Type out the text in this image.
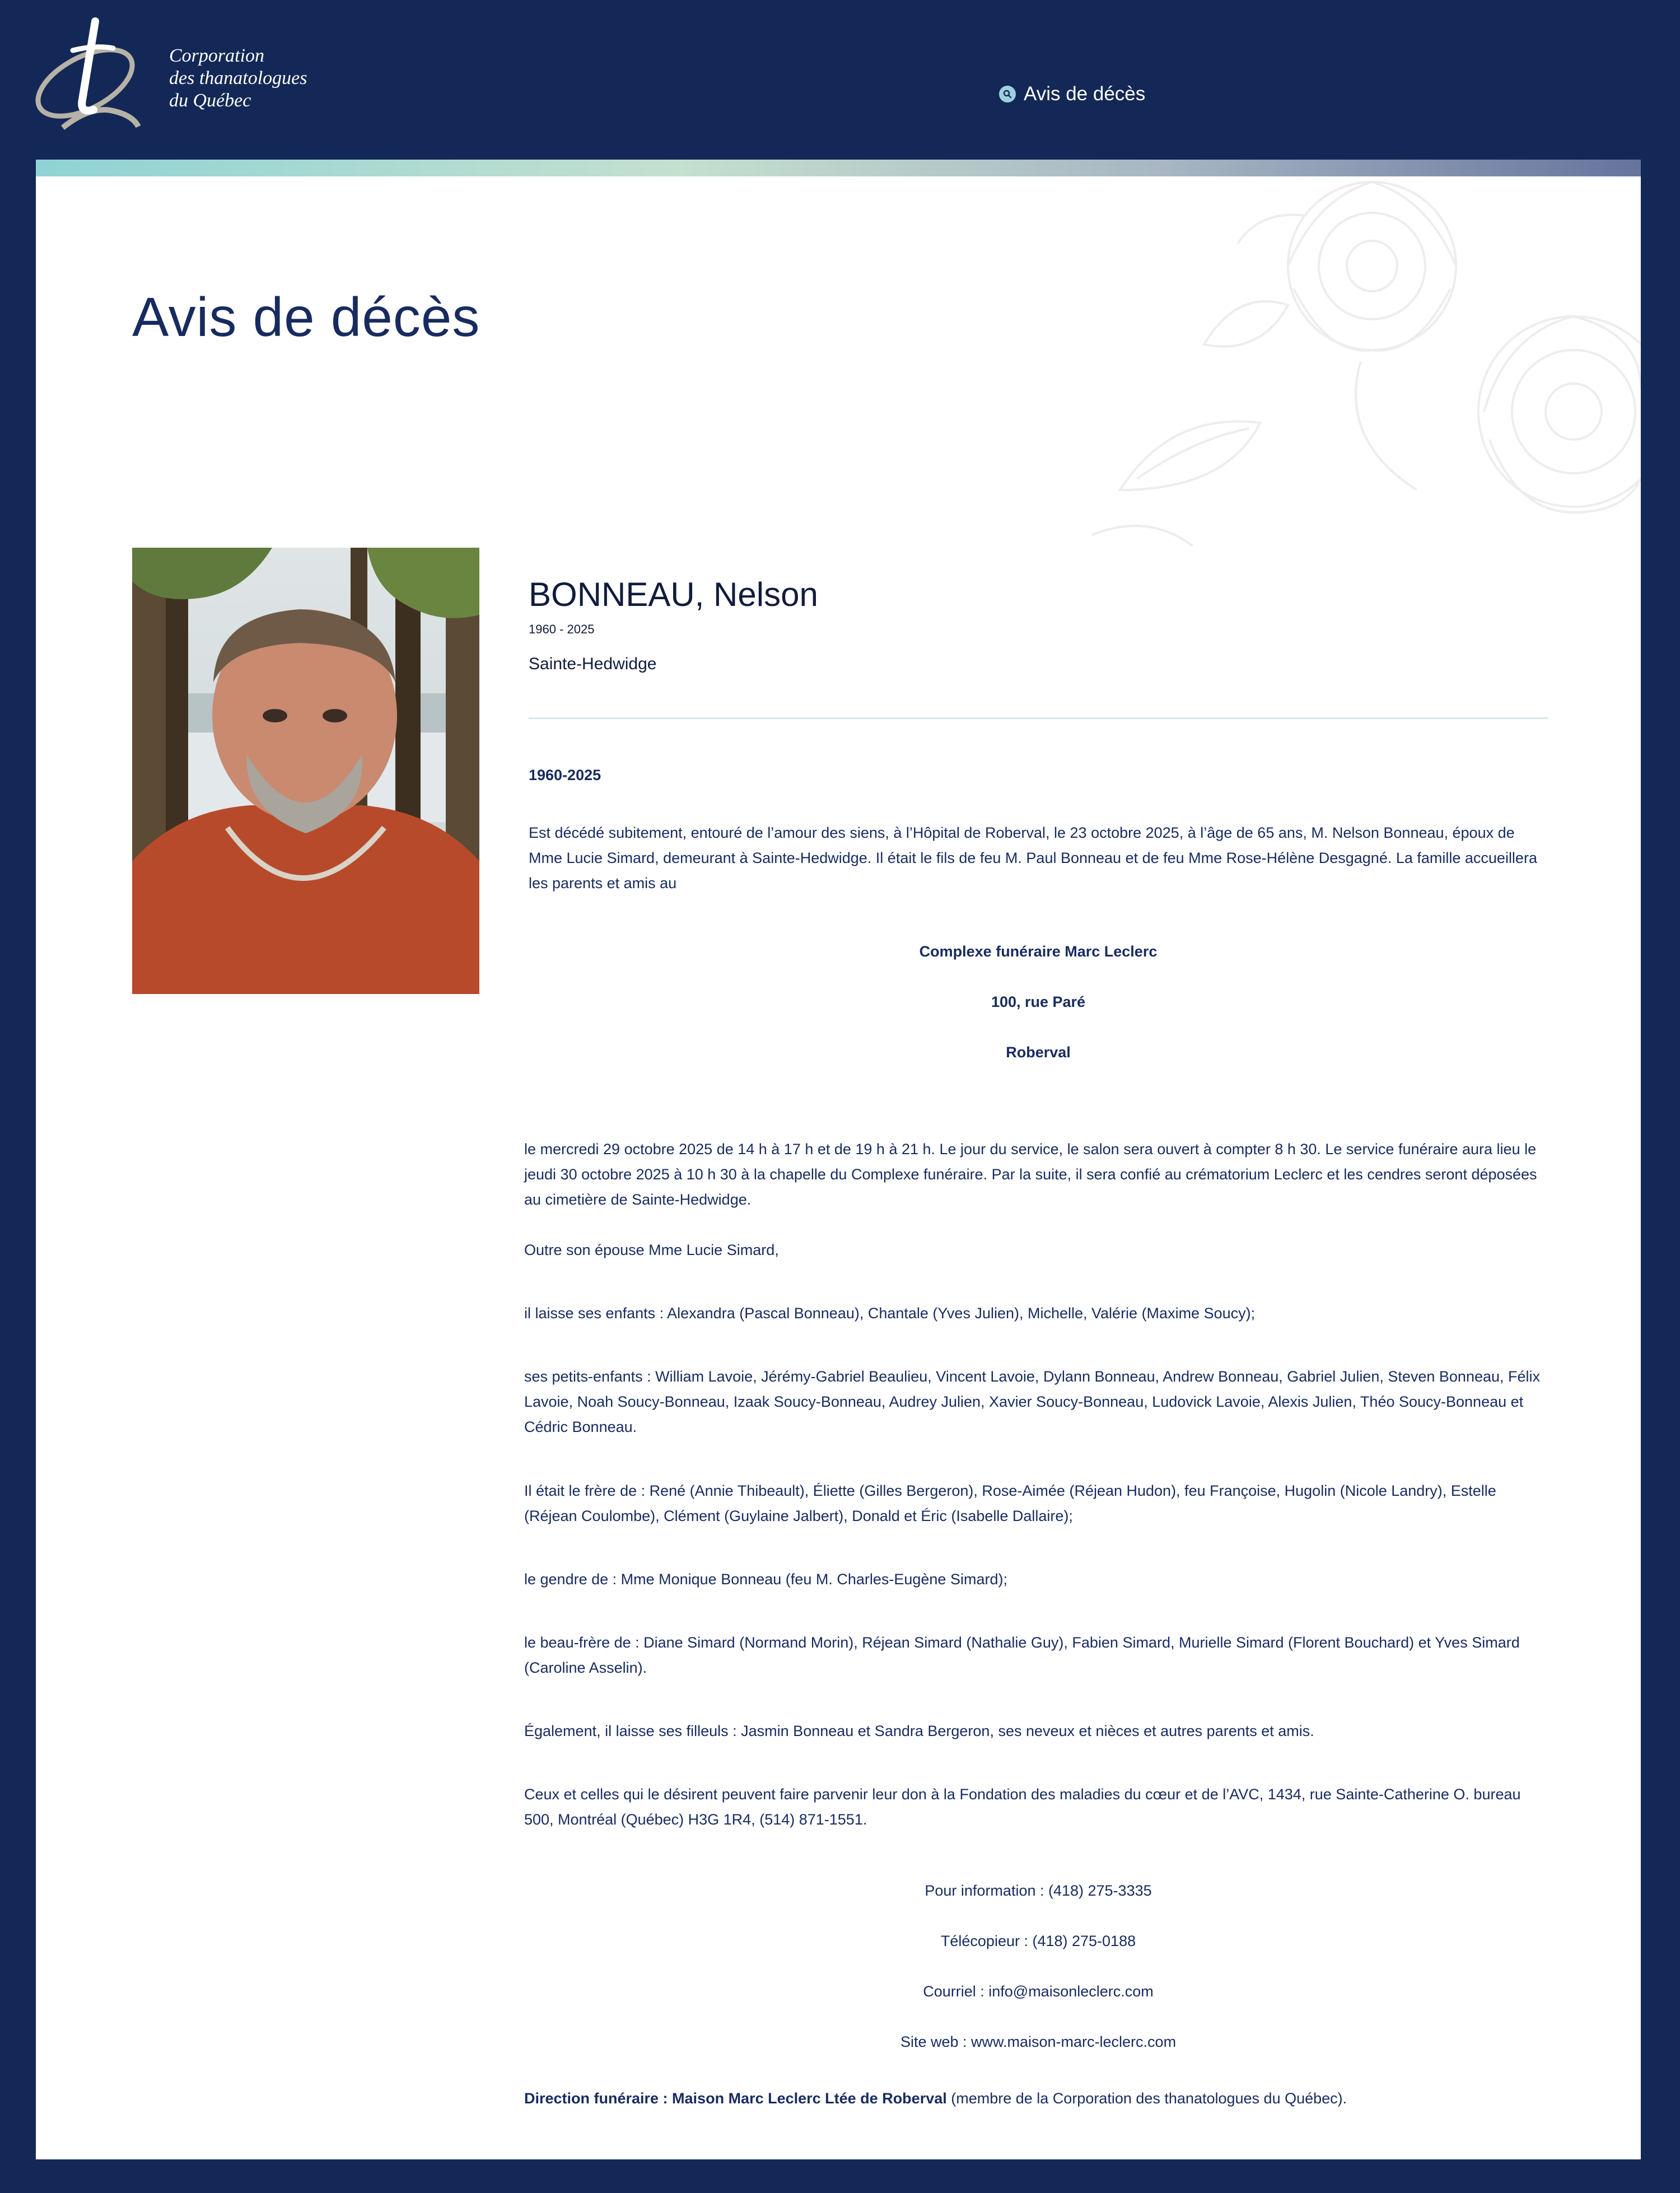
Corporation
des thanatologues
du Québec	Avis de décès
Avis de décès
BONNEAU, Nelson
1960 - 2025
Sainte-Hedwidge
1960-2025

Est décédé subitement, entouré de l’amour des siens, à l’Hôpital de Roberval, le 23 octobre 2025, à l’âge de 65 ans, M. Nelson Bonneau, époux de Mme Lucie Simard, demeurant à Sainte-Hedwidge. Il était le fils de feu M. Paul Bonneau et de feu Mme Rose-Hélène Desgagné. La famille accueillera les parents et amis au

Complexe funéraire Marc Leclerc
100, rue Paré
Roberval

le mercredi 29 octobre 2025 de 14 h à 17 h et de 19 h à 21 h. Le jour du service, le salon sera ouvert à compter 8 h 30. Le service funéraire aura lieu le jeudi 30 octobre 2025 à 10 h 30 à la chapelle du Complexe funéraire. Par la suite, il sera confié au crématorium Leclerc et les cendres seront déposées au cimetière de Sainte-Hedwidge.

Outre son épouse Mme Lucie Simard,

il laisse ses enfants : Alexandra (Pascal Bonneau), Chantale (Yves Julien), Michelle, Valérie (Maxime Soucy);

ses petits-enfants : William Lavoie, Jérémy-Gabriel Beaulieu, Vincent Lavoie, Dylann Bonneau, Andrew Bonneau, Gabriel Julien, Steven Bonneau, Félix Lavoie, Noah Soucy-Bonneau, Izaak Soucy-Bonneau, Audrey Julien, Xavier Soucy-Bonneau, Ludovick Lavoie, Alexis Julien, Théo Soucy-Bonneau et Cédric Bonneau.

Il était le frère de : René (Annie Thibeault), Éliette (Gilles Bergeron), Rose-Aimée (Réjean Hudon), feu Françoise, Hugolin (Nicole Landry), Estelle (Réjean Coulombe), Clément (Guylaine Jalbert), Donald et Éric (Isabelle Dallaire);

le gendre de : Mme Monique Bonneau (feu M. Charles-Eugène Simard);

le beau-frère de : Diane Simard (Normand Morin), Réjean Simard (Nathalie Guy), Fabien Simard, Murielle Simard (Florent Bouchard) et Yves Simard (Caroline Asselin).

Également, il laisse ses filleuls : Jasmin Bonneau et Sandra Bergeron, ses neveux et nièces et autres parents et amis.

Ceux et celles qui le désirent peuvent faire parvenir leur don à la Fondation des maladies du cœur et de l’AVC, 1434, rue Sainte-Catherine O. bureau 500, Montréal (Québec) H3G 1R4, (514) 871-1551.

Pour information : (418) 275-3335
Télécopieur : (418) 275-0188
Courriel : info@maisonleclerc.com
Site web : www.maison-marc-leclerc.com

Direction funéraire : Maison Marc Leclerc Ltée de Roberval (membre de la Corporation des thanatologues du Québec).
